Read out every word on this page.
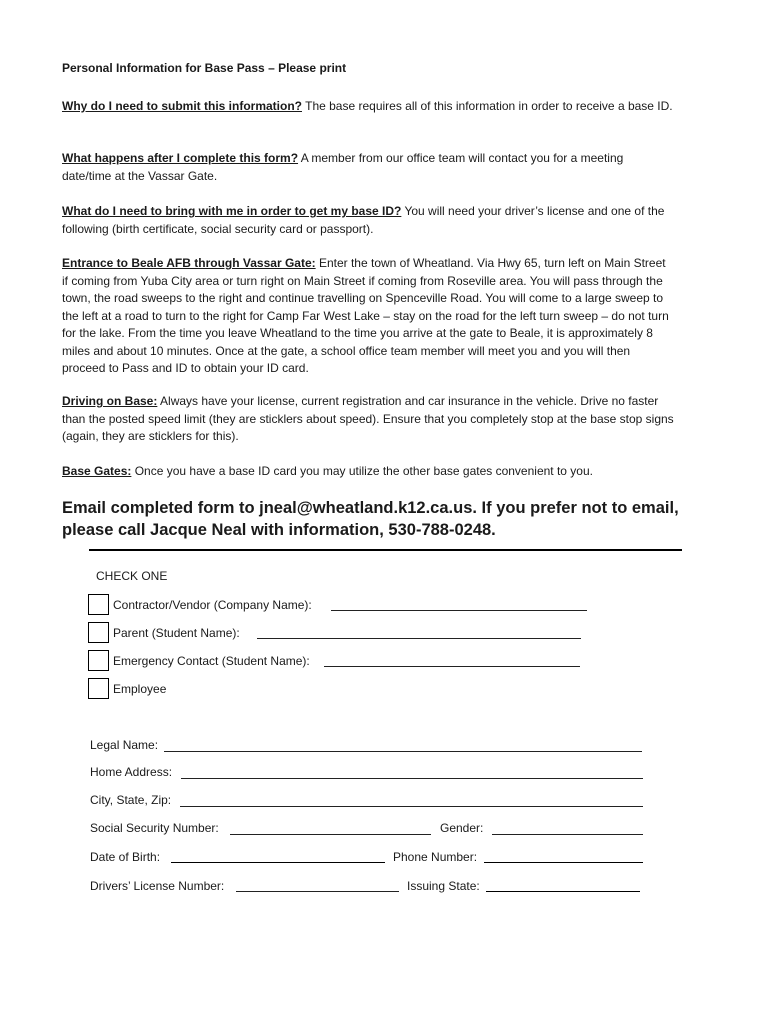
Personal Information for Base Pass – Please print
Why do I need to submit this information? The base requires all of this information in order to receive a base ID.
What happens after I complete this form? A member from our office team will contact you for a meeting date/time at the Vassar Gate.
What do I need to bring with me in order to get my base ID? You will need your driver’s license and one of the following (birth certificate, social security card or passport).
Entrance to Beale AFB through Vassar Gate: Enter the town of Wheatland. Via Hwy 65, turn left on Main Street if coming from Yuba City area or turn right on Main Street if coming from Roseville area. You will pass through the town, the road sweeps to the right and continue travelling on Spenceville Road. You will come to a large sweep to the left at a road to turn to the right for Camp Far West Lake – stay on the road for the left turn sweep – do not turn for the lake. From the time you leave Wheatland to the time you arrive at the gate to Beale, it is approximately 8 miles and about 10 minutes. Once at the gate, a school office team member will meet you and you will then proceed to Pass and ID to obtain your ID card.
Driving on Base: Always have your license, current registration and car insurance in the vehicle. Drive no faster than the posted speed limit (they are sticklers about speed). Ensure that you completely stop at the base stop signs (again, they are sticklers for this).
Base Gates: Once you have a base ID card you may utilize the other base gates convenient to you.
Email completed form to jneal@wheatland.k12.ca.us. If you prefer not to email, please call Jacque Neal with information, 530-788-0248.
CHECK ONE
Contractor/Vendor (Company Name):
Parent (Student Name):
Emergency Contact (Student Name):
Employee
Legal Name:
Home Address:
City, State, Zip:
Social Security Number:	Gender:
Date of Birth:	Phone Number:
Drivers’ License Number:	Issuing State:
